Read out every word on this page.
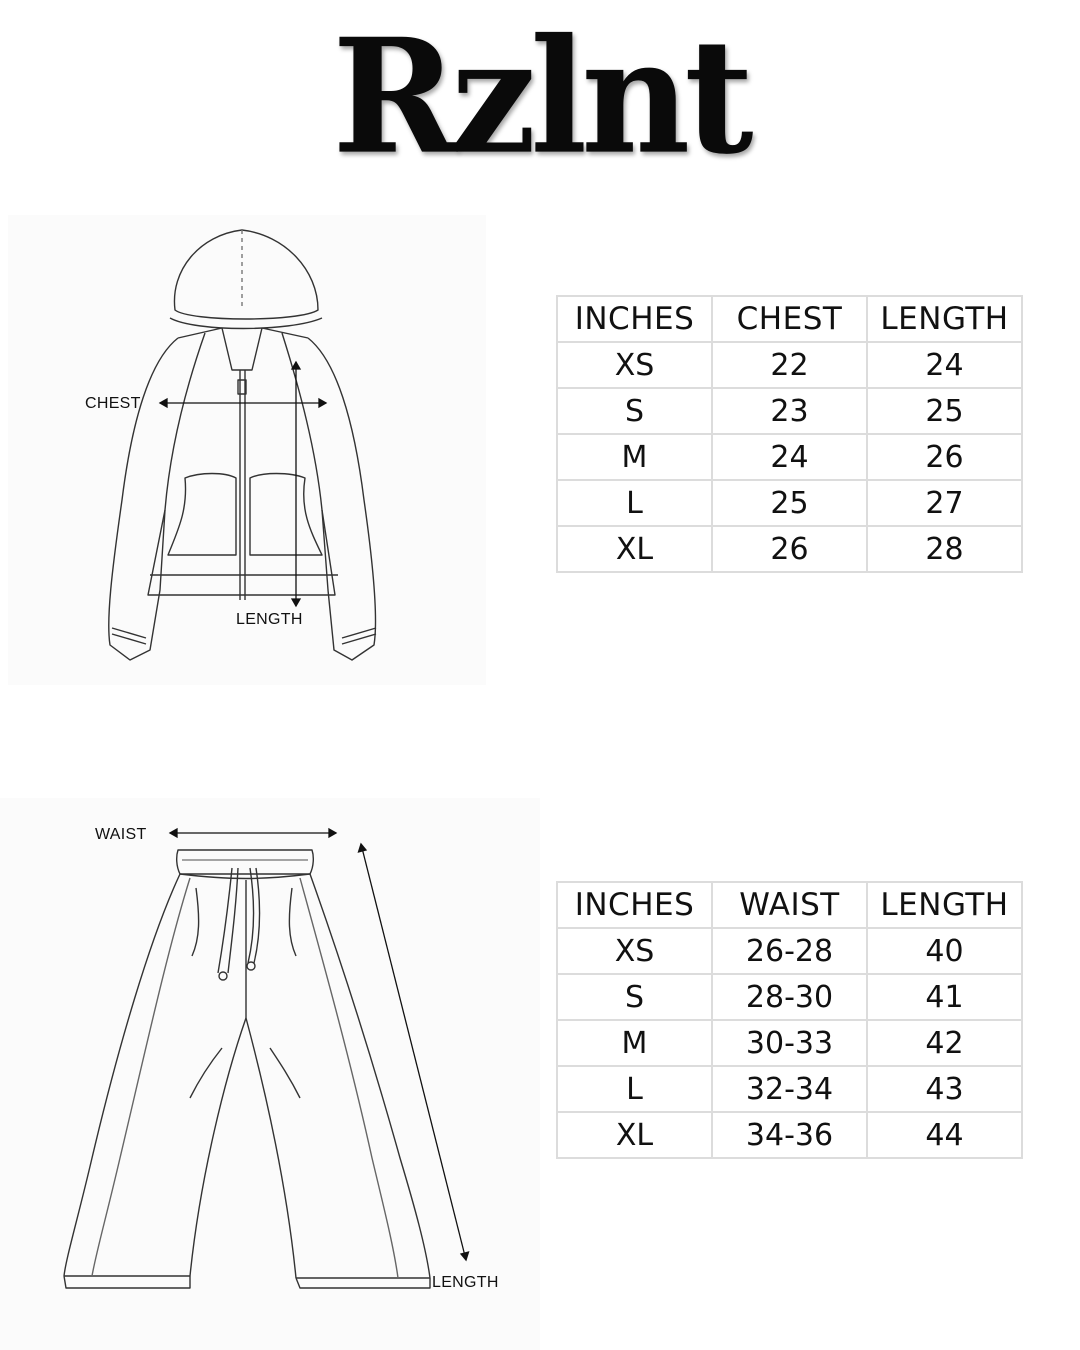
Rzlnt
CHEST
LENGTH
INCHES	CHEST	LENGTH
XS	22	24
S	23	25
M	24	26
L	25	27
XL	26	28
WAIST
LENGTH
INCHES	WAIST	LENGTH
XS	26-28	40
S	28-30	41
M	30-33	42
L	32-34	43
XL	34-36	44
